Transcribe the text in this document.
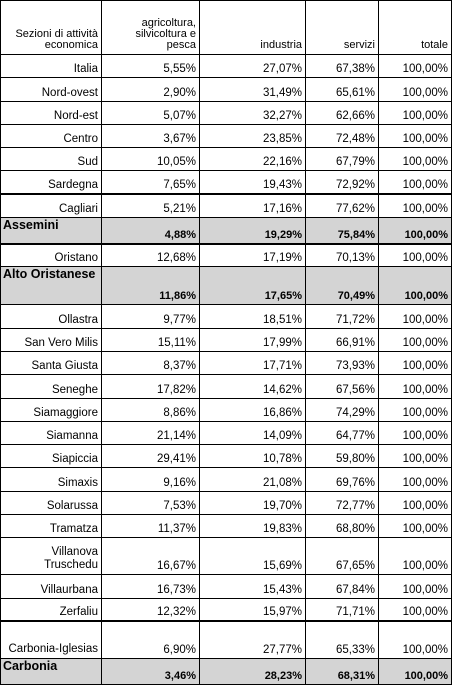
Sezioni di attività economica	agricoltura, silvicoltura e pesca	industria	servizi	totale
Italia	5,55%	27,07%	67,38%	100,00%
Nord-ovest	2,90%	31,49%	65,61%	100,00%
Nord-est	5,07%	32,27%	62,66%	100,00%
Centro	3,67%	23,85%	72,48%	100,00%
Sud	10,05%	22,16%	67,79%	100,00%
Sardegna	7,65%	19,43%	72,92%	100,00%
Cagliari	5,21%	17,16%	77,62%	100,00%
Assemini	4,88%	19,29%	75,84%	100,00%
Oristano	12,68%	17,19%	70,13%	100,00%
Alto Oristanese	11,86%	17,65%	70,49%	100,00%
Ollastra	9,77%	18,51%	71,72%	100,00%
San Vero Milis	15,11%	17,99%	66,91%	100,00%
Santa Giusta	8,37%	17,71%	73,93%	100,00%
Seneghe	17,82%	14,62%	67,56%	100,00%
Siamaggiore	8,86%	16,86%	74,29%	100,00%
Siamanna	21,14%	14,09%	64,77%	100,00%
Siapiccia	29,41%	10,78%	59,80%	100,00%
Simaxis	9,16%	21,08%	69,76%	100,00%
Solarussa	7,53%	19,70%	72,77%	100,00%
Tramatza	11,37%	19,83%	68,80%	100,00%
Villanova Truschedu	16,67%	15,69%	67,65%	100,00%
Villaurbana	16,73%	15,43%	67,84%	100,00%
Zerfaliu	12,32%	15,97%	71,71%	100,00%
Carbonia-Iglesias	6,90%	27,77%	65,33%	100,00%
Carbonia	3,46%	28,23%	68,31%	100,00%
